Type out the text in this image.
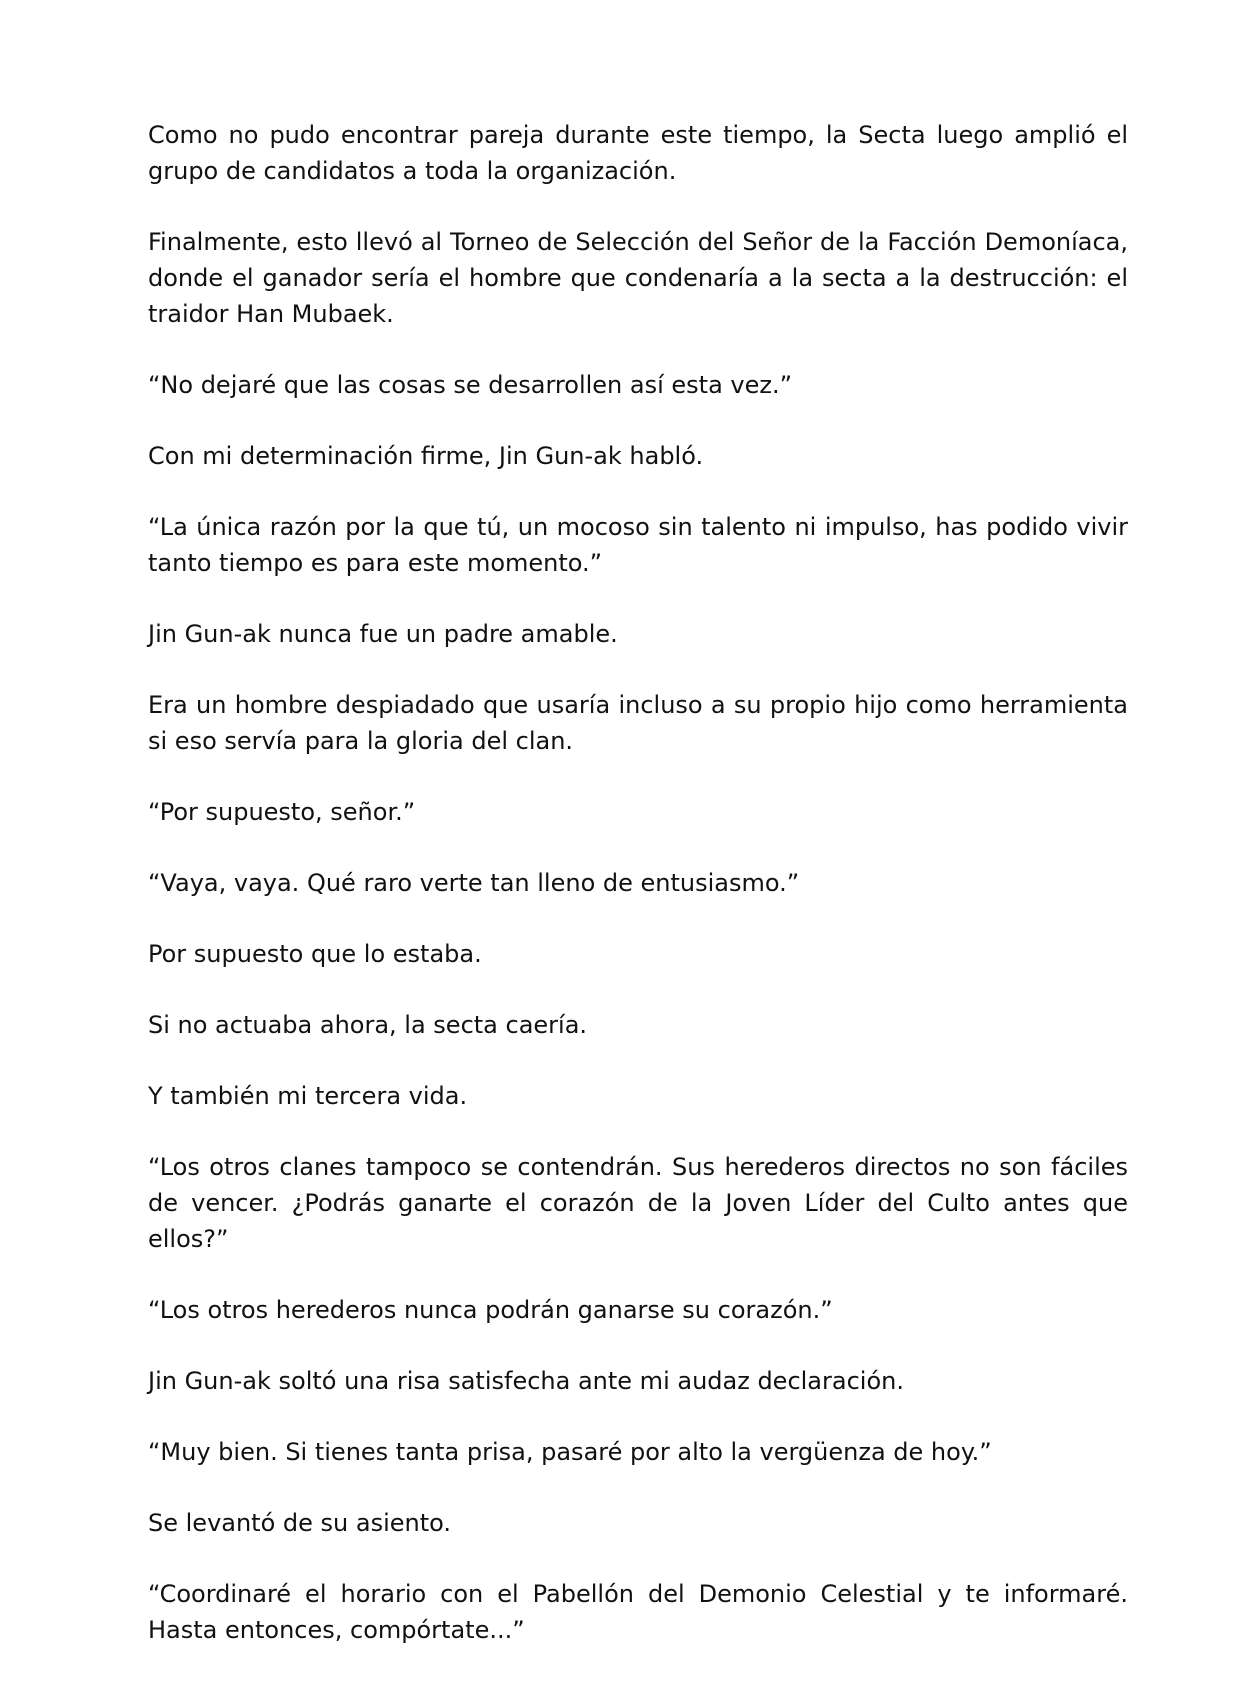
Como no pudo encontrar pareja durante este tiempo, la Secta luego amplió el grupo de candidatos a toda la organización.

Finalmente, esto llevó al Torneo de Selección del Señor de la Facción Demoníaca, donde el ganador sería el hombre que condenaría a la secta a la destrucción: el traidor Han Mubaek.

“No dejaré que las cosas se desarrollen así esta vez.”

Con mi determinación firme, Jin Gun-ak habló.

“La única razón por la que tú, un mocoso sin talento ni impulso, has podido vivir tanto tiempo es para este momento.”

Jin Gun-ak nunca fue un padre amable.

Era un hombre despiadado que usaría incluso a su propio hijo como herramienta si eso servía para la gloria del clan.

“Por supuesto, señor.”

“Vaya, vaya. Qué raro verte tan lleno de entusiasmo.”

Por supuesto que lo estaba.

Si no actuaba ahora, la secta caería.

Y también mi tercera vida.

“Los otros clanes tampoco se contendrán. Sus herederos directos no son fáciles de vencer. ¿Podrás ganarte el corazón de la Joven Líder del Culto antes que ellos?”

“Los otros herederos nunca podrán ganarse su corazón.”

Jin Gun-ak soltó una risa satisfecha ante mi audaz declaración.

“Muy bien. Si tienes tanta prisa, pasaré por alto la vergüenza de hoy.”

Se levantó de su asiento.

“Coordinaré el horario con el Pabellón del Demonio Celestial y te informaré. Hasta entonces, compórtate...”
